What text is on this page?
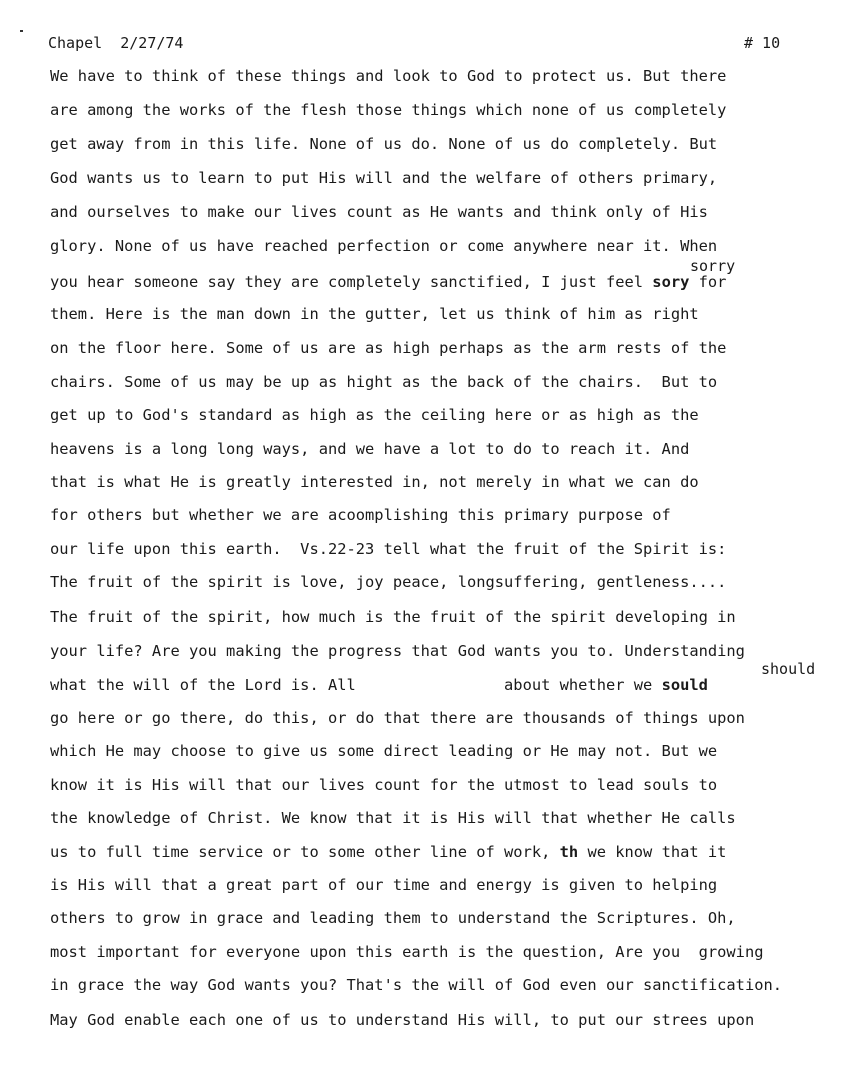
Chapel  2/27/74	# 10
sorry
should
We have to think of these things and look to God to protect us. But there
are among the works of the flesh those things which none of us completely
get away from in this life. None of us do. None of us do completely. But
God wants us to learn to put His will and the welfare of others primary,
and ourselves to make our lives count as He wants and think only of His
glory. None of us have reached perfection or come anywhere near it. When
you hear someone say they are completely sanctified, I just feel sory for
them. Here is the man down in the gutter, let us think of him as right
on the floor here. Some of us are as high perhaps as the arm rests of the
chairs. Some of us may be up as hight as the back of the chairs.  But to
get up to God's standard as high as the ceiling here or as high as the
heavens is a long long ways, and we have a lot to do to reach it. And
that is what He is greatly interested in, not merely in what we can do
for others but whether we are acoomplishing this primary purpose of
our life upon this earth.  Vs.22-23 tell what the fruit of the Spirit is:
The fruit of the spirit is love, joy peace, longsuffering, gentleness....
The fruit of the spirit, how much is the fruit of the spirit developing in
your life? Are you making the progress that God wants you to. Understanding
what the will of the Lord is. All                about whether we sould
go here or go there, do this, or do that there are thousands of things upon
which He may choose to give us some direct leading or He may not. But we
know it is His will that our lives count for the utmost to lead souls to
the knowledge of Christ. We know that it is His will that whether He calls
us to full time service or to some other line of work, th we know that it
is His will that a great part of our time and energy is given to helping
others to grow in grace and leading them to understand the Scriptures. Oh,
most important for everyone upon this earth is the question, Are you  growing
in grace the way God wants you? That's the will of God even our sanctification.
May God enable each one of us to understand His will, to put our strees upon
